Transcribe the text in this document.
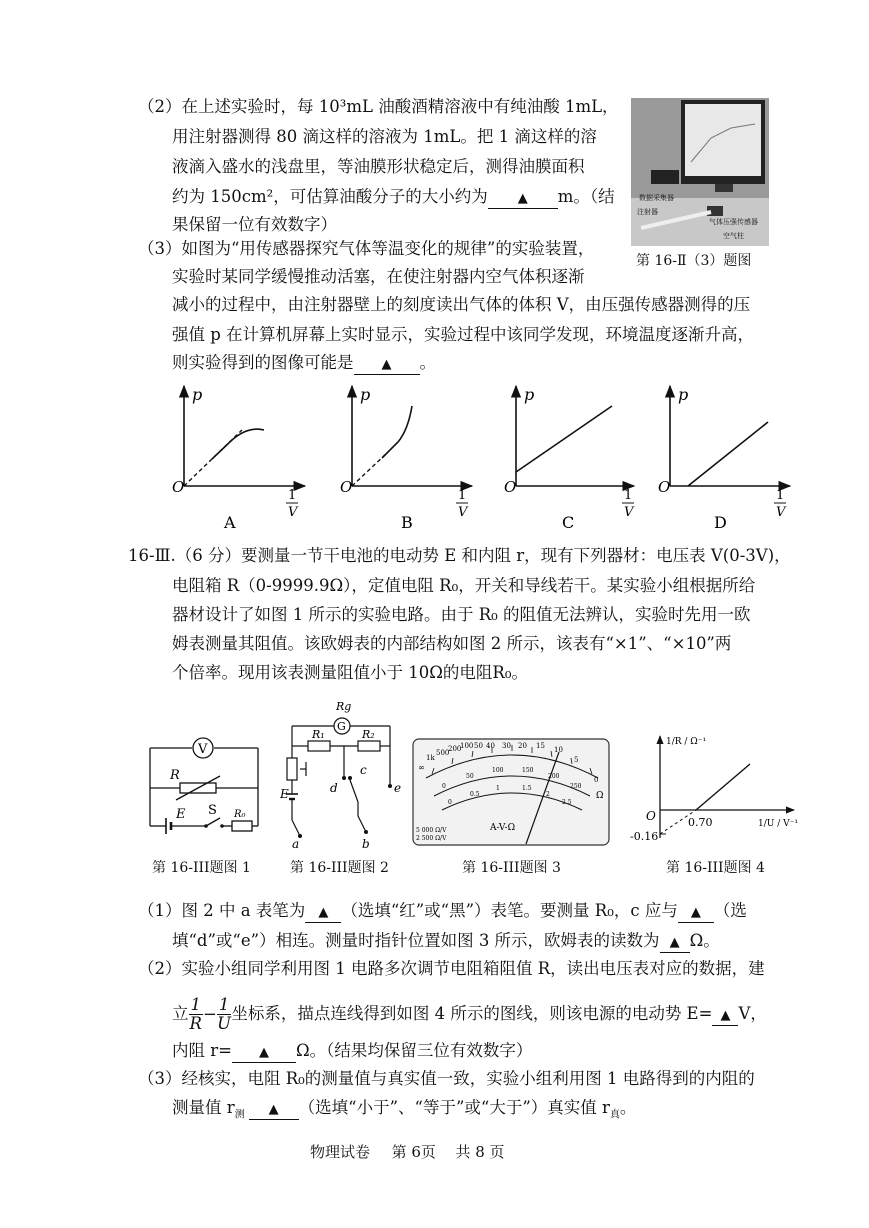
（2）在上述实验时，每 10³mL 油酸酒精溶液中有纯油酸 1mL，
用注射器测得 80 滴这样的溶液为 1mL。把 1 滴这样的溶
液滴入盛水的浅盘里，等油膜形状稳定后，测得油膜面积
约为 150cm²，可估算油酸分子的大小约为 ▲ m。（结
果保留一位有效数字）
数据采集器
注射器
气体压强传感器
空气柱
第 16-Ⅱ（3）题图
（3）如图为“用传感器探究气体等温变化的规律”的实验装置，
实验时某同学缓慢推动活塞，在使注射器内空气体积逐渐
减小的过程中，由注射器壁上的刻度读出气体的体积 V，由压强传感器测得的压
强值 p 在计算机屏幕上实时显示，实验过程中该同学发现，环境温度逐渐升高，
则实验得到的图像可能是 ▲ 。
p
O	1
V
A
p
O	1
V
B
p
O	1
V
C
p
O	1
V
D
16-Ⅲ.（6 分）要测量一节干电池的电动势 E 和内阻 r，现有下列器材：电压表 V(0-3V)，
电阻箱 R（0-9999.9Ω），定值电阻 R₀，开关和导线若干。某实验小组根据所给
器材设计了如图 1 所示的实验电路。由于 R₀ 的阻值无法辨认，实验时先用一欧
姆表测量其阻值。该欧姆表的内部结构如图 2 所示，该表有“×1”、“×10”两
个倍率。现用该表测量阻值小于 10Ω的电阻R₀。
V
R
E S R₀
第 16-III题图 1
Rg
G
R₁	R₂
E
a	b
c
d	e
第 16-III题图 2
∞
1k
500
200
100 50 40 30 20 15 10
5
0
Ω
0
50
100	150
200
250
0
0.5
1	1.5
2
2.5
A-V-Ω
5 000 Ω/V
2 500 Ω/V
第 16-III题图 3
1/R / Ω⁻¹
O	0.70
-0.16
1/U / V⁻¹
第 16-III题图 4
（1）图 2 中 a 表笔为 ▲ （选填“红”或“黑”）表笔。要测量 R₀，c 应与 ▲ （选
填“d”或“e”）相连。测量时指针位置如图 3 所示，欧姆表的读数为 ▲ Ω。
（2）实验小组同学利用图 1 电路多次调节电阻箱阻值 R，读出电压表对应的数据，建
立 $\frac{1}{R} - \frac{1}{U}$ 坐标系，描点连线得到如图 4 所示的图线，则该电源的电动势 E= ▲ V，
内阻 r= ▲ Ω。（结果均保留三位有效数字）
（3）经核实，电阻 R₀的测量值与真实值一致，实验小组利用图 1 电路得到的内阻的
测量值 $r_测$ ▲ （选填“小于”、“等于”或“大于”）真实值 $r_真$。
物理试卷 第 6页 共 8 页
